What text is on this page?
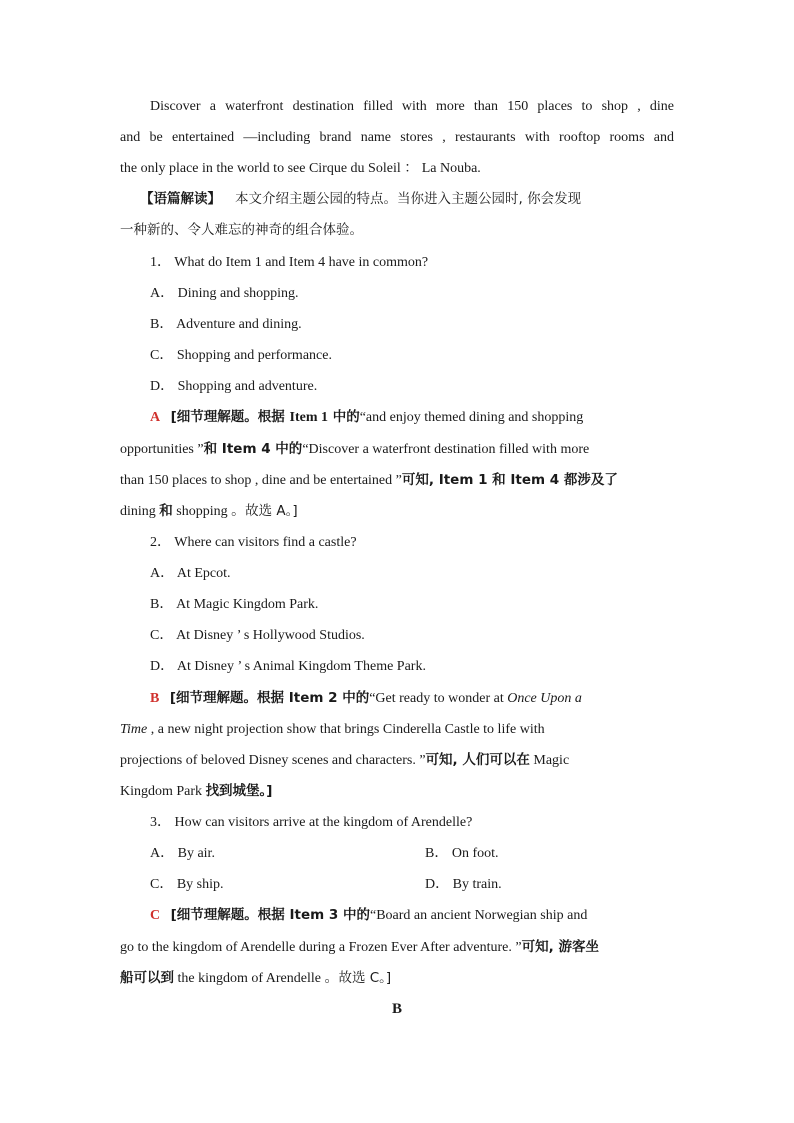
Discover a waterfront destination filled with more than 150 places to shop , dine
and be entertained —including brand name stores , restaurants with rooftop rooms and
the only place in the world to see Cirque du Soleil ： La Nouba.
【语篇解读】 本文介绍主题公园的特点。当你进入主题公园时, 你会发现
一种新的、令人难忘的神奇的组合体验。
1． What do Item 1 and Item 4 have in common?
A． Dining and shopping.
B． Adventure and dining.
C． Shopping and performance.
D． Shopping and adventure.
A [细节理解题。根据 Item 1 中的“and enjoy themed dining and shopping
opportunities ”和 Item 4 中的“Discover a waterfront destination filled with more
than 150 places to shop , dine and be entertained ”可知, Item 1 和 Item 4 都涉及了
dining 和 shopping 。故选 A。]
2． Where can visitors find a castle?
A． At Epcot.
B． At Magic Kingdom Park.
C． At Disney ’ s Hollywood Studios.
D． At Disney ’ s Animal Kingdom Theme Park.
B [细节理解题。根据 Item 2 中的“Get ready to wonder at Once Upon a
Time , a new night projection show that brings Cinderella Castle to life with
projections of beloved Disney scenes and characters. ”可知, 人们可以在 Magic
Kingdom Park 找到城堡。]
3． How can visitors arrive at the kingdom of Arendelle?
A． By air.	B． On foot.
C． By ship.	D． By train.
C [细节理解题。根据 Item 3 中的“Board an ancient Norwegian ship and
go to the kingdom of Arendelle during a Frozen Ever After adventure. ”可知, 游客坐
船可以到 the kingdom of Arendelle 。故选 C。]
B
